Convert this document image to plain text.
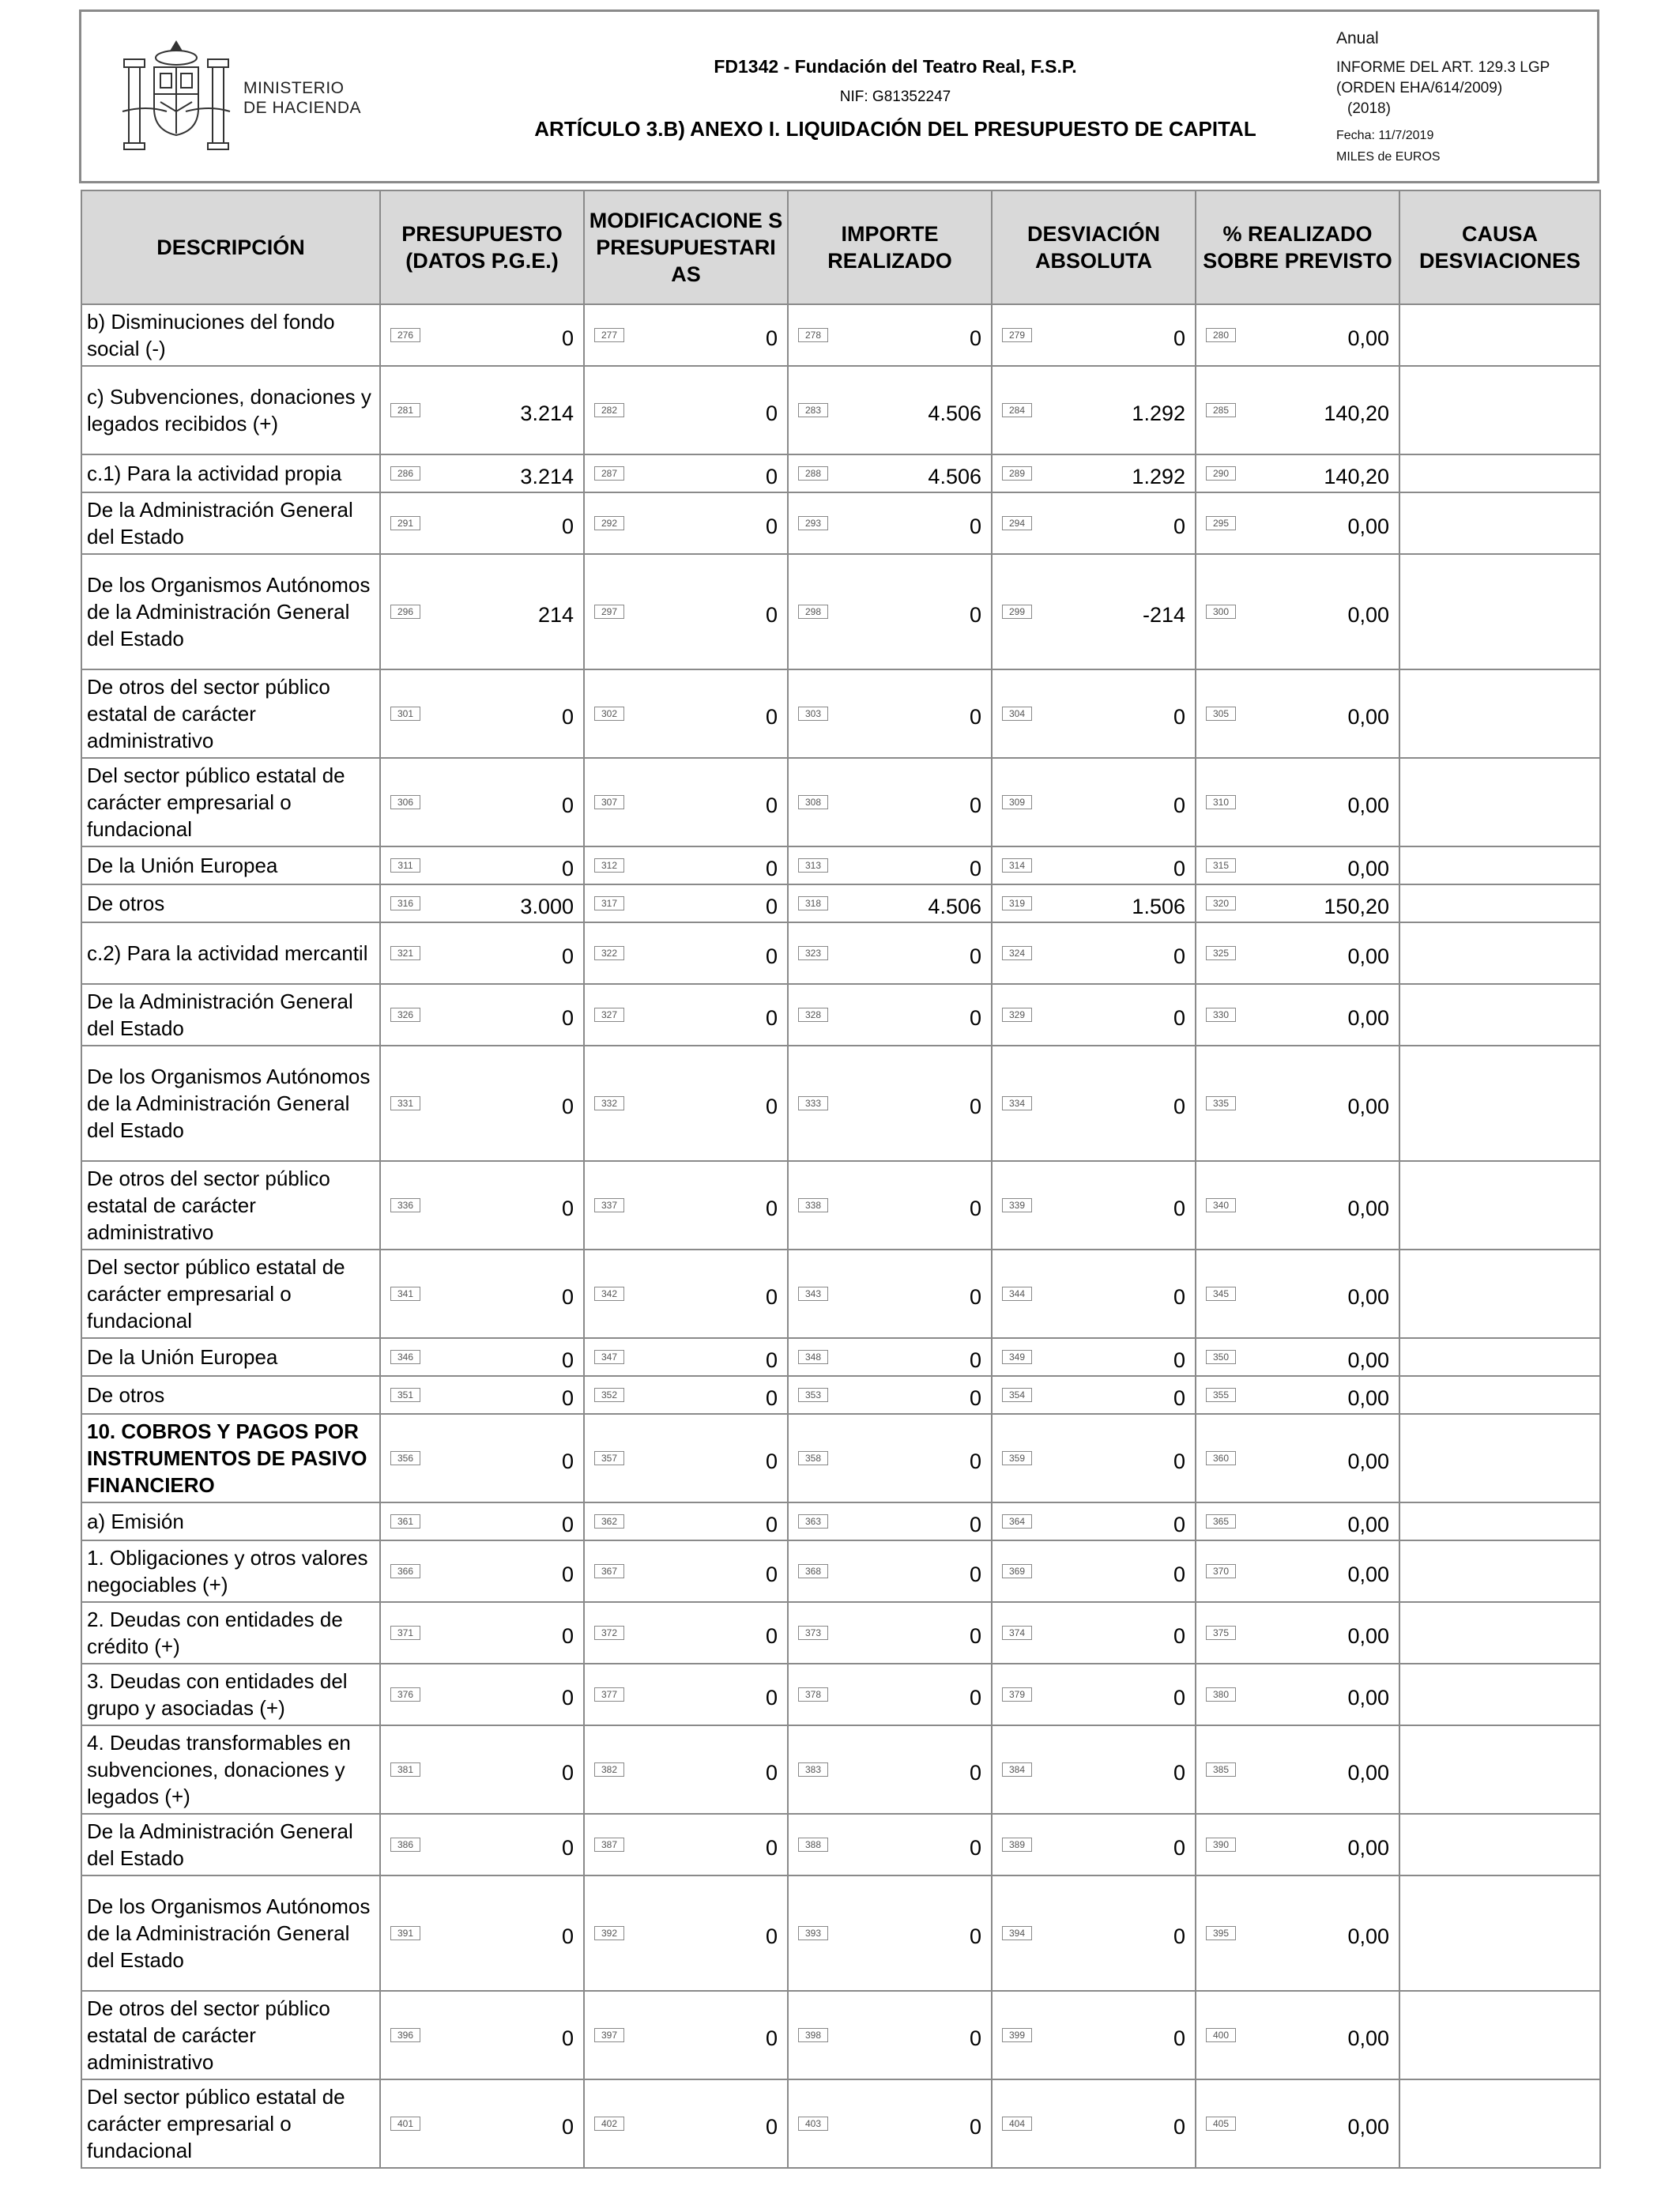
MINISTERIO
DE HACIENDA
FD1342 - Fundación del Teatro Real, F.S.P.
NIF: G81352247
ARTÍCULO 3.B) ANEXO I. LIQUIDACIÓN DEL PRESUPUESTO DE CAPITAL
Anual
INFORME DEL ART. 129.3 LGP
(ORDEN EHA/614/2009)
(2018)
Fecha: 11/7/2019
MILES de EUROS
DESCRIPCIÓN	PRESUPUESTO (DATOS P.G.E.)	MODIFICACIONE S PRESUPUESTARI AS	IMPORTE REALIZADO	DESVIACIÓN ABSOLUTA	% REALIZADO SOBRE PREVISTO	CAUSA DESVIACIONES
b) Disminuciones del fondo social (-)	276 0	277 0	278 0	279 0	280 0,00	
c) Subvenciones, donaciones y legados recibidos (+)	281 3.214	282 0	283 4.506	284 1.292	285 140,20	
c.1) Para la actividad propia	286 3.214	287 0	288 4.506	289 1.292	290 140,20	
De la Administración General del Estado	291 0	292 0	293 0	294 0	295 0,00	
De los Organismos Autónomos de la Administración General del Estado	296 214	297 0	298 0	299 -214	300 0,00	
De otros del sector público estatal de carácter administrativo	301 0	302 0	303 0	304 0	305 0,00	
Del sector público estatal de carácter empresarial o fundacional	306 0	307 0	308 0	309 0	310 0,00	
De la Unión Europea	311 0	312 0	313 0	314 0	315 0,00	
De otros	316 3.000	317 0	318 4.506	319 1.506	320 150,20	
c.2) Para la actividad mercantil	321 0	322 0	323 0	324 0	325 0,00	
De la Administración General del Estado	326 0	327 0	328 0	329 0	330 0,00	
De los Organismos Autónomos de la Administración General del Estado	331 0	332 0	333 0	334 0	335 0,00	
De otros del sector público estatal de carácter administrativo	336 0	337 0	338 0	339 0	340 0,00	
Del sector público estatal de carácter empresarial o fundacional	341 0	342 0	343 0	344 0	345 0,00	
De la Unión Europea	346 0	347 0	348 0	349 0	350 0,00	
De otros	351 0	352 0	353 0	354 0	355 0,00	
10. COBROS Y PAGOS POR INSTRUMENTOS DE PASIVO FINANCIERO	356 0	357 0	358 0	359 0	360 0,00	
a) Emisión	361 0	362 0	363 0	364 0	365 0,00	
1. Obligaciones y otros valores negociables (+)	366 0	367 0	368 0	369 0	370 0,00	
2. Deudas con entidades de crédito (+)	371 0	372 0	373 0	374 0	375 0,00	
3. Deudas con entidades del grupo y asociadas (+)	376 0	377 0	378 0	379 0	380 0,00	
4. Deudas transformables en subvenciones, donaciones y legados (+)	381 0	382 0	383 0	384 0	385 0,00	
De la Administración General del Estado	386 0	387 0	388 0	389 0	390 0,00	
De los Organismos Autónomos de la Administración General del Estado	391 0	392 0	393 0	394 0	395 0,00	
De otros del sector público estatal de carácter administrativo	396 0	397 0	398 0	399 0	400 0,00	
Del sector público estatal de carácter empresarial o fundacional	401 0	402 0	403 0	404 0	405 0,00	
